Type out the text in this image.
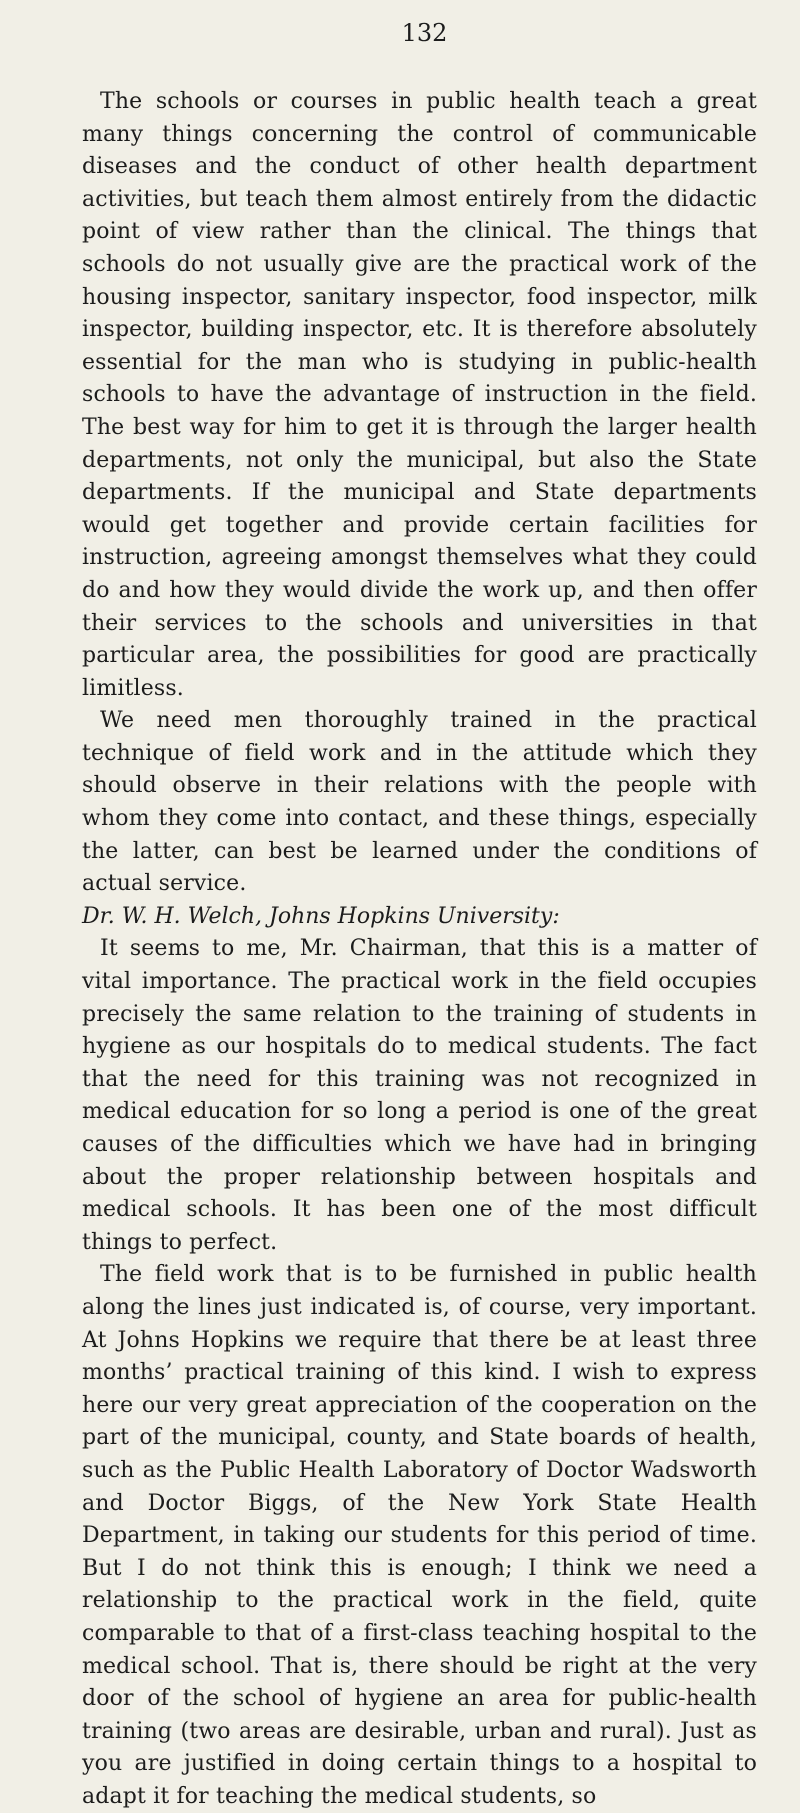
132

The schools or courses in public health teach a great many things concerning the control of communicable diseases and the conduct of other health department activities, but teach them almost entirely from the didactic point of view rather than the clinical. The things that schools do not usually give are the practical work of the housing inspector, sanitary inspector, food inspector, milk inspector, building inspector, etc. It is therefore absolutely essential for the man who is studying in public-health schools to have the advantage of instruction in the field. The best way for him to get it is through the larger health departments, not only the municipal, but also the State departments. If the municipal and State departments would get together and provide certain facilities for instruction, agreeing amongst themselves what they could do and how they would divide the work up, and then offer their services to the schools and universities in that particular area, the possibilities for good are practically limitless.

We need men thoroughly trained in the practical technique of field work and in the attitude which they should observe in their relations with the people with whom they come into contact, and these things, especially the latter, can best be learned under the conditions of actual service.

Dr. W. H. Welch, Johns Hopkins University:

It seems to me, Mr. Chairman, that this is a matter of vital importance. The practical work in the field occupies precisely the same relation to the training of students in hygiene as our hospitals do to medical students. The fact that the need for this training was not recognized in medical education for so long a period is one of the great causes of the difficulties which we have had in bringing about the proper relationship between hospitals and medical schools. It has been one of the most difficult things to perfect.

The field work that is to be furnished in public health along the lines just indicated is, of course, very important. At Johns Hopkins we require that there be at least three months’ practical training of this kind. I wish to express here our very great appreciation of the cooperation on the part of the municipal, county, and State boards of health, such as the Public Health Laboratory of Doctor Wadsworth and Doctor Biggs, of the New York State Health Department, in taking our students for this period of time. But I do not think this is enough; I think we need a relationship to the practical work in the field, quite comparable to that of a first-class teaching hospital to the medical school. That is, there should be right at the very door of the school of hygiene an area for public-health training (two areas are desirable, urban and rural). Just as you are justified in doing certain things to a hospital to adapt it for teaching the medical students, so
